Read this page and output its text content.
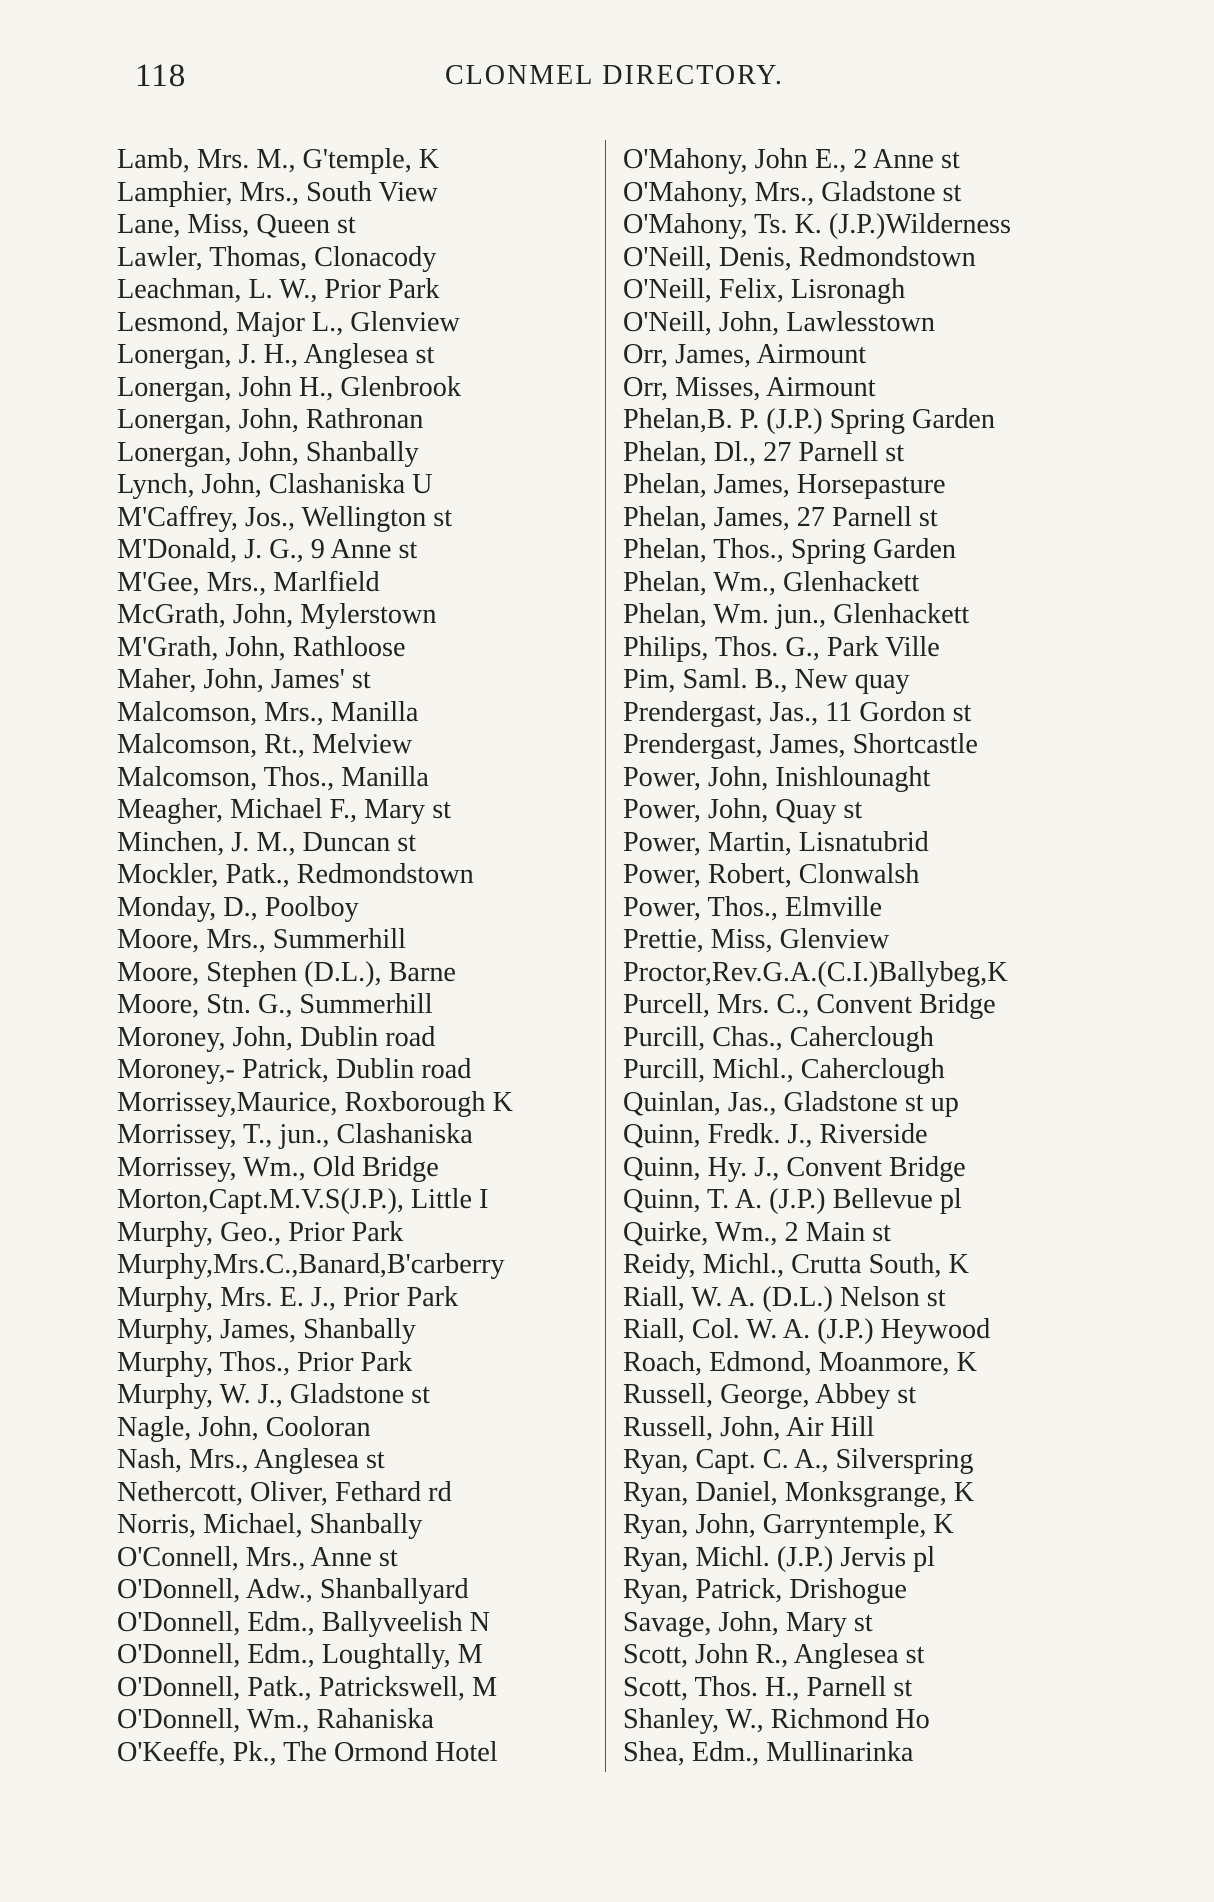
118	CLONMEL DIRECTORY.
Lamb, Mrs. M., G'temple, K
Lamphier, Mrs., South View
Lane, Miss, Queen st
Lawler, Thomas, Clonacody
Leachman, L. W., Prior Park
Lesmond, Major L., Glenview
Lonergan, J. H., Anglesea st
Lonergan, John H., Glenbrook
Lonergan, John, Rathronan
Lonergan, John, Shanbally
Lynch, John, Clashaniska U
M'Caffrey, Jos., Wellington st
M'Donald, J. G., 9 Anne st
M'Gee, Mrs., Marlfield
McGrath, John, Mylerstown
M'Grath, John, Rathloose
Maher, John, James' st
Malcomson, Mrs., Manilla
Malcomson, Rt., Melview
Malcomson, Thos., Manilla
Meagher, Michael F., Mary st
Minchen, J. M., Duncan st
Mockler, Patk., Redmondstown
Monday, D., Poolboy
Moore, Mrs., Summerhill
Moore, Stephen (D.L.), Barne
Moore, Stn. G., Summerhill
Moroney, John, Dublin road
Moroney,- Patrick, Dublin road
Morrissey,Maurice, Roxborough K
Morrissey, T., jun., Clashaniska
Morrissey, Wm., Old Bridge
Morton,Capt.M.V.S(J.P.), Little I
Murphy, Geo., Prior Park
Murphy,Mrs.C.,Banard,B'carberry
Murphy, Mrs. E. J., Prior Park
Murphy, James, Shanbally
Murphy, Thos., Prior Park
Murphy, W. J., Gladstone st
Nagle, John, Cooloran
Nash, Mrs., Anglesea st
Nethercott, Oliver, Fethard rd
Norris, Michael, Shanbally
O'Connell, Mrs., Anne st
O'Donnell, Adw., Shanballyard
O'Donnell, Edm., Ballyveelish N
O'Donnell, Edm., Loughtally, M
O'Donnell, Patk., Patrickswell, M
O'Donnell, Wm., Rahaniska
O'Keeffe, Pk., The Ormond Hotel
O'Mahony, John E., 2 Anne st
O'Mahony, Mrs., Gladstone st
O'Mahony, Ts. K. (J.P.)Wilderness
O'Neill, Denis, Redmondstown
O'Neill, Felix, Lisronagh
O'Neill, John, Lawlesstown
Orr, James, Airmount
Orr, Misses, Airmount
Phelan,B. P. (J.P.) Spring Garden
Phelan, Dl., 27 Parnell st
Phelan, James, Horsepasture
Phelan, James, 27 Parnell st
Phelan, Thos., Spring Garden
Phelan, Wm., Glenhackett
Phelan, Wm. jun., Glenhackett
Philips, Thos. G., Park Ville
Pim, Saml. B., New quay
Prendergast, Jas., 11 Gordon st
Prendergast, James, Shortcastle
Power, John, Inishlounaght
Power, John, Quay st
Power, Martin, Lisnatubrid
Power, Robert, Clonwalsh
Power, Thos., Elmville
Prettie, Miss, Glenview
Proctor,Rev.G.A.(C.I.)Ballybeg,K
Purcell, Mrs. C., Convent Bridge
Purcill, Chas., Caherclough
Purcill, Michl., Caherclough
Quinlan, Jas., Gladstone st up
Quinn, Fredk. J., Riverside
Quinn, Hy. J., Convent Bridge
Quinn, T. A. (J.P.) Bellevue pl
Quirke, Wm., 2 Main st
Reidy, Michl., Crutta South, K
Riall, W. A. (D.L.) Nelson st
Riall, Col. W. A. (J.P.) Heywood
Roach, Edmond, Moanmore, K
Russell, George, Abbey st
Russell, John, Air Hill
Ryan, Capt. C. A., Silverspring
Ryan, Daniel, Monksgrange, K
Ryan, John, Garryntemple, K
Ryan, Michl. (J.P.) Jervis pl
Ryan, Patrick, Drishogue
Savage, John, Mary st
Scott, John R., Anglesea st
Scott, Thos. H., Parnell st
Shanley, W., Richmond Ho
Shea, Edm., Mullinarinka
